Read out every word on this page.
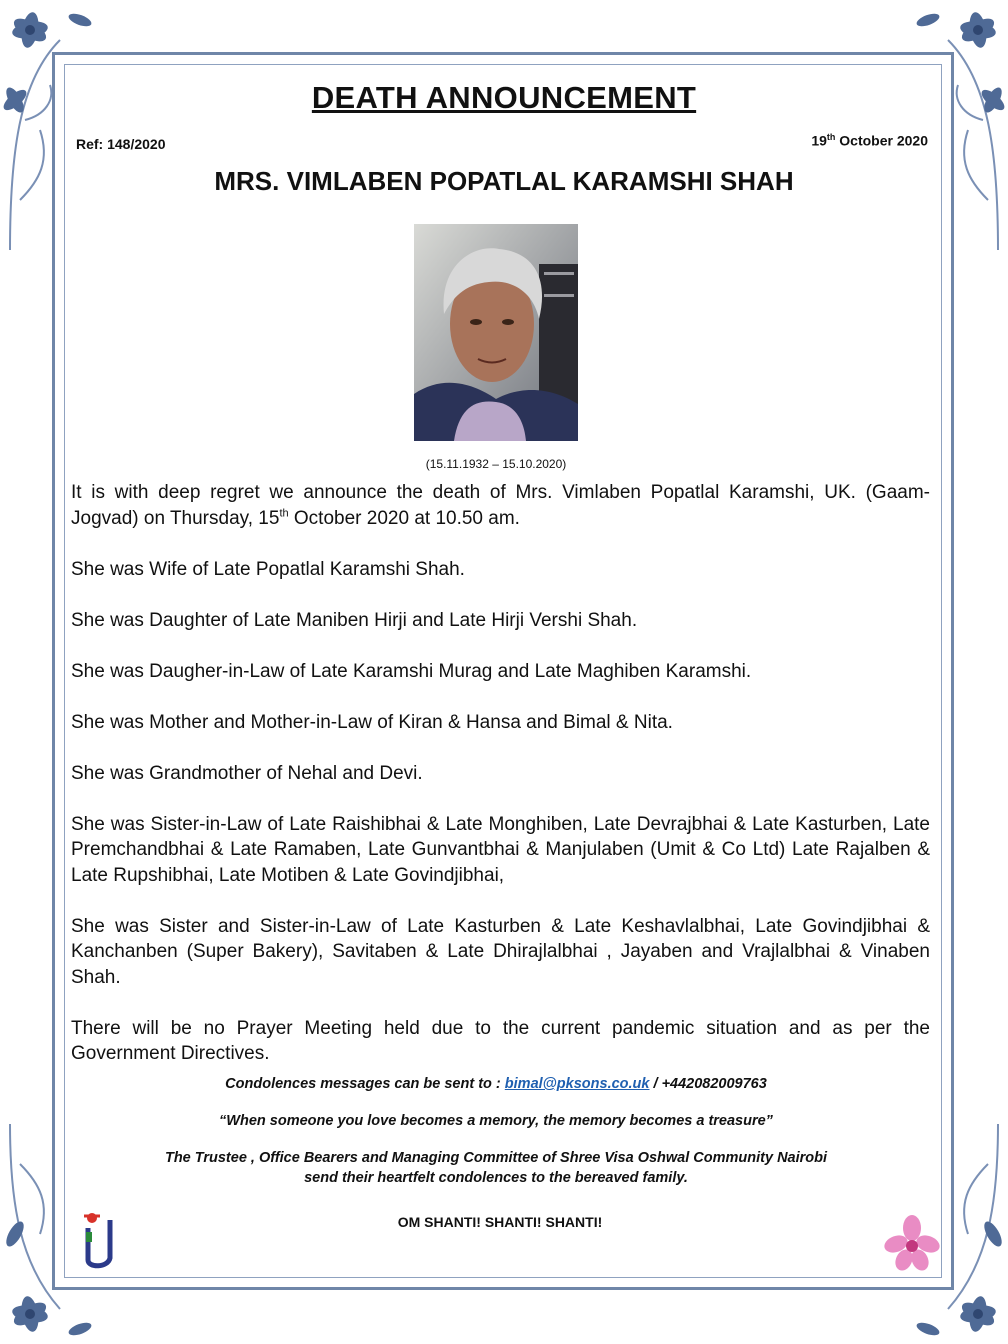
DEATH ANNOUNCEMENT
Ref: 148/2020	19th October 2020
MRS. VIMLABEN POPATLAL KARAMSHI SHAH
(15.11.1932 – 15.10.2020)

It is with deep regret we announce the death of Mrs. Vimlaben Popatlal Karamshi, UK. (Gaam-Jogvad) on Thursday, 15th October 2020 at 10.50 am.

She was Wife of Late Popatlal Karamshi Shah.

She was Daughter of Late Maniben Hirji and Late Hirji Vershi Shah.

She was Daugher-in-Law of Late Karamshi Murag and Late Maghiben Karamshi.

She was Mother and Mother-in-Law of Kiran & Hansa and Bimal & Nita.

She was Grandmother of Nehal and Devi.

She was Sister-in-Law of Late Raishibhai & Late Monghiben, Late Devrajbhai & Late Kasturben, Late Premchandbhai & Late Ramaben, Late Gunvantbhai & Manjulaben (Umit & Co Ltd) Late Rajalben & Late Rupshibhai, Late Motiben & Late Govindjibhai,

She was Sister and Sister-in-Law of Late Kasturben & Late Keshavlalbhai, Late Govindjibhai & Kanchanben (Super Bakery), Savitaben & Late Dhirajlalbhai , Jayaben and Vrajlalbhai & Vinaben Shah.

There will be no Prayer Meeting held due to the current pandemic situation and as per the Government Directives.

Condolences messages can be sent to : bimal@pksons.co.uk / +442082009763
“When someone you love becomes a memory, the memory becomes a treasure”
The Trustee , Office Bearers and Managing Committee of Shree Visa Oshwal Community Nairobi
send their heartfelt condolences to the bereaved family.
OM SHANTI! SHANTI! SHANTI!
